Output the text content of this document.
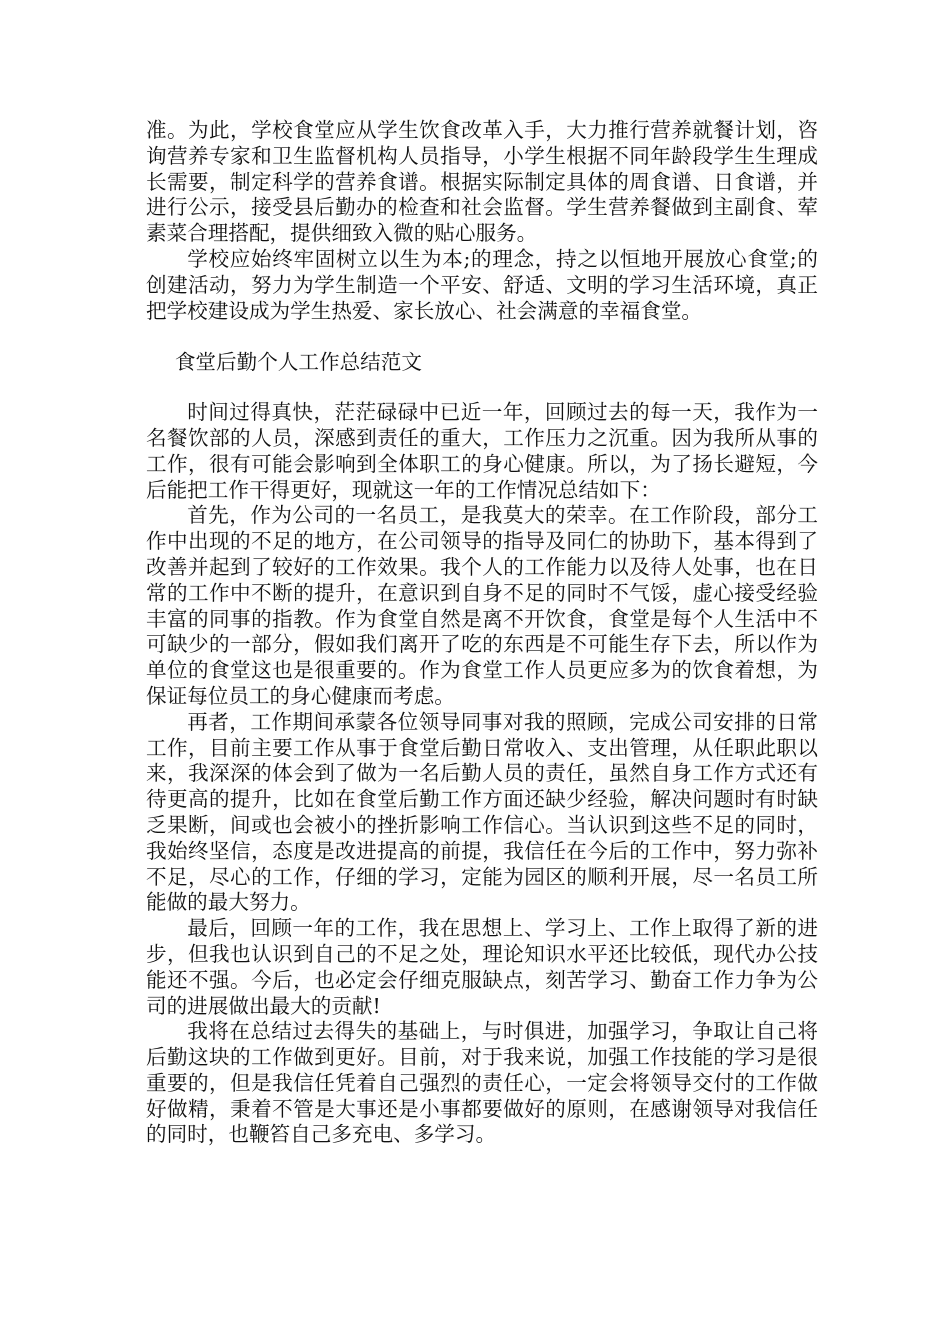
准。为此，学校食堂应从学生饮食改革入手，大力推行营养就餐计划，咨询营养专家和卫生监督机构人员指导，小学生根据不同年龄段学生生理成长需要，制定科学的营养食谱。根据实际制定具体的周食谱、日食谱，并进行公示，接受县后勤办的检查和社会监督。学生营养餐做到主副食、荤素菜合理搭配，提供细致入微的贴心服务。

学校应始终牢固树立以生为本;的理念，持之以恒地开展放心食堂;的创建活动，努力为学生制造一个平安、舒适、文明的学习生活环境，真正把学校建设成为学生热爱、家长放心、社会满意的幸福食堂。

食堂后勤个人工作总结范文

时间过得真快，茫茫碌碌中已近一年，回顾过去的每一天，我作为一名餐饮部的人员，深感到责任的重大，工作压力之沉重。因为我所从事的工作，很有可能会影响到全体职工的身心健康。所以，为了扬长避短，今后能把工作干得更好，现就这一年的工作情况总结如下：

首先，作为公司的一名员工，是我莫大的荣幸。在工作阶段，部分工作中出现的不足的地方，在公司领导的指导及同仁的协助下，基本得到了改善并起到了较好的工作效果。我个人的工作能力以及待人处事，也在日常的工作中不断的提升，在意识到自身不足的同时不气馁，虚心接受经验丰富的同事的指教。作为食堂自然是离不开饮食，食堂是每个人生活中不可缺少的一部分，假如我们离开了吃的东西是不可能生存下去，所以作为单位的食堂这也是很重要的。作为食堂工作人员更应多为的饮食着想，为保证每位员工的身心健康而考虑。

再者，工作期间承蒙各位领导同事对我的照顾，完成公司安排的日常工作，目前主要工作从事于食堂后勤日常收入、支出管理，从任职此职以来，我深深的体会到了做为一名后勤人员的责任，虽然自身工作方式还有待更高的提升，比如在食堂后勤工作方面还缺少经验，解决问题时有时缺乏果断，间或也会被小的挫折影响工作信心。当认识到这些不足的同时，我始终坚信，态度是改进提高的前提，我信任在今后的工作中，努力弥补不足，尽心的工作，仔细的学习，定能为园区的顺利开展，尽一名员工所能做的最大努力。

最后，回顾一年的工作，我在思想上、学习上、工作上取得了新的进步，但我也认识到自己的不足之处，理论知识水平还比较低，现代办公技能还不强。今后，也必定会仔细克服缺点，刻苦学习、勤奋工作力争为公司的进展做出最大的贡献!

我将在总结过去得失的基础上，与时俱进，加强学习，争取让自己将后勤这块的工作做到更好。目前，对于我来说，加强工作技能的学习是很重要的，但是我信任凭着自己强烈的责任心，一定会将领导交付的工作做好做精，秉着不管是大事还是小事都要做好的原则，在感谢领导对我信任的同时，也鞭笞自己多充电、多学习。
